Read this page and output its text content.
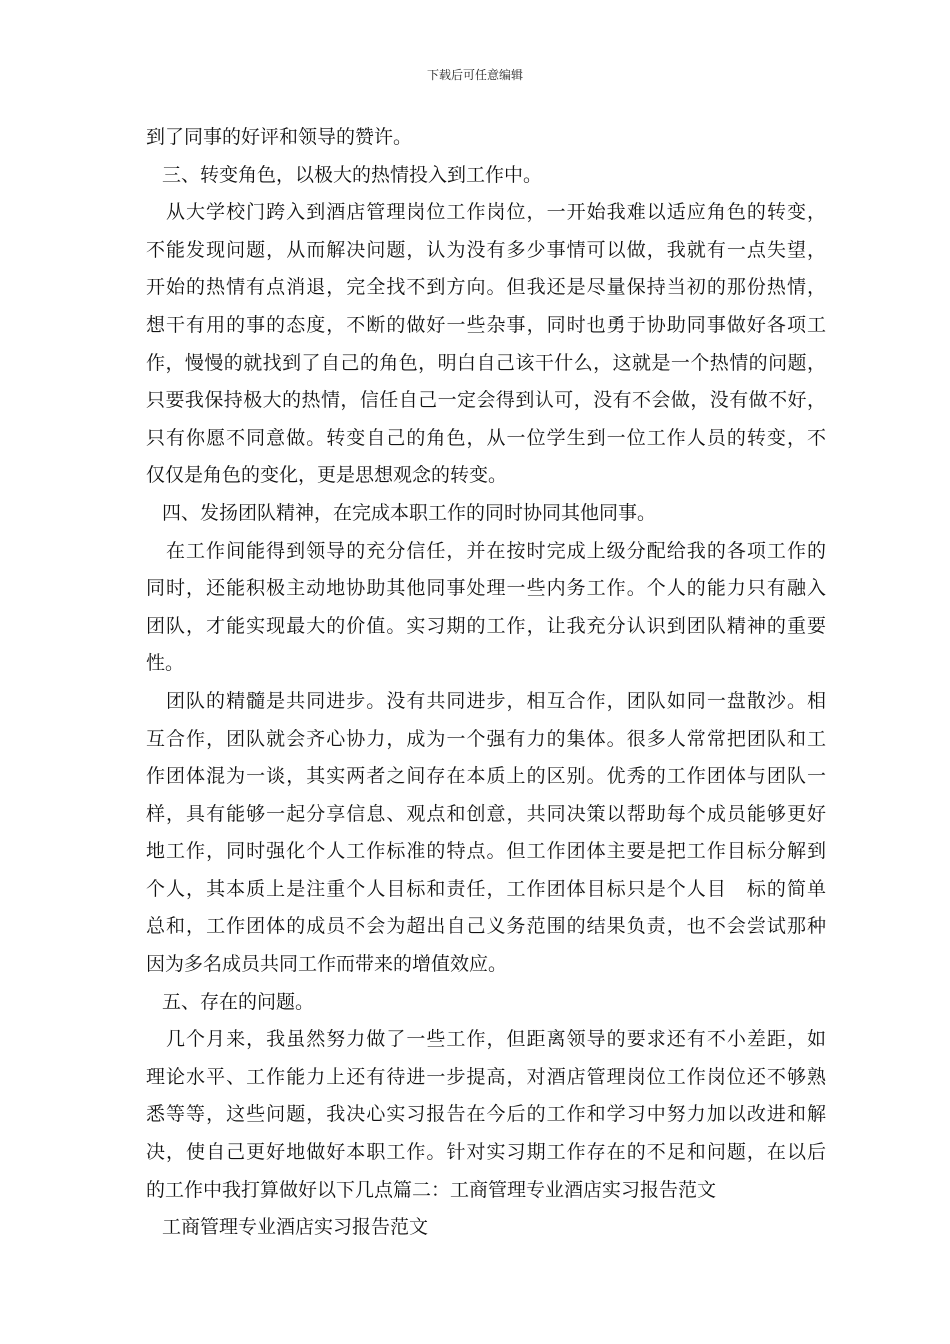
下载后可任意编辑
到了同事的好评和领导的赞许。
三、转变角色，以极大的热情投入到工作中。
从大学校门跨入到酒店管理岗位工作岗位，一开始我难以适应角色的转变，
不能发现问题，从而解决问题，认为没有多少事情可以做，我就有一点失望，
开始的热情有点消退，完全找不到方向。但我还是尽量保持当初的那份热情，
想干有用的事的态度，不断的做好一些杂事，同时也勇于协助同事做好各项工
作，慢慢的就找到了自己的角色，明白自己该干什么，这就是一个热情的问题，
只要我保持极大的热情，信任自己一定会得到认可，没有不会做，没有做不好，
只有你愿不同意做。转变自己的角色，从一位学生到一位工作人员的转变，不
仅仅是角色的变化，更是思想观念的转变。
四、发扬团队精神，在完成本职工作的同时协同其他同事。
在工作间能得到领导的充分信任，并在按时完成上级分配给我的各项工作的
同时，还能积极主动地协助其他同事处理一些内务工作。个人的能力只有融入
团队，才能实现最大的价值。实习期的工作，让我充分认识到团队精神的重要
性。
团队的精髓是共同进步。没有共同进步，相互合作，团队如同一盘散沙。相
互合作，团队就会齐心协力，成为一个强有力的集体。很多人常常把团队和工
作团体混为一谈，其实两者之间存在本质上的区别。优秀的工作团体与团队一
样，具有能够一起分享信息、观点和创意，共同决策以帮助每个成员能够更好
地工作，同时强化个人工作标准的特点。但工作团体主要是把工作目标分解到
个人，其本质上是注重个人目标和责任，工作团体目标只是个人目　标的简单
总和，工作团体的成员不会为超出自己义务范围的结果负责，也不会尝试那种
因为多名成员共同工作而带来的增值效应。
五、存在的问题。
几个月来，我虽然努力做了一些工作，但距离领导的要求还有不小差距，如
理论水平、工作能力上还有待进一步提高，对酒店管理岗位工作岗位还不够熟
悉等等，这些问题，我决心实习报告在今后的工作和学习中努力加以改进和解
决，使自己更好地做好本职工作。针对实习期工作存在的不足和问题，在以后
的工作中我打算做好以下几点篇二：工商管理专业酒店实习报告范文
工商管理专业酒店实习报告范文
